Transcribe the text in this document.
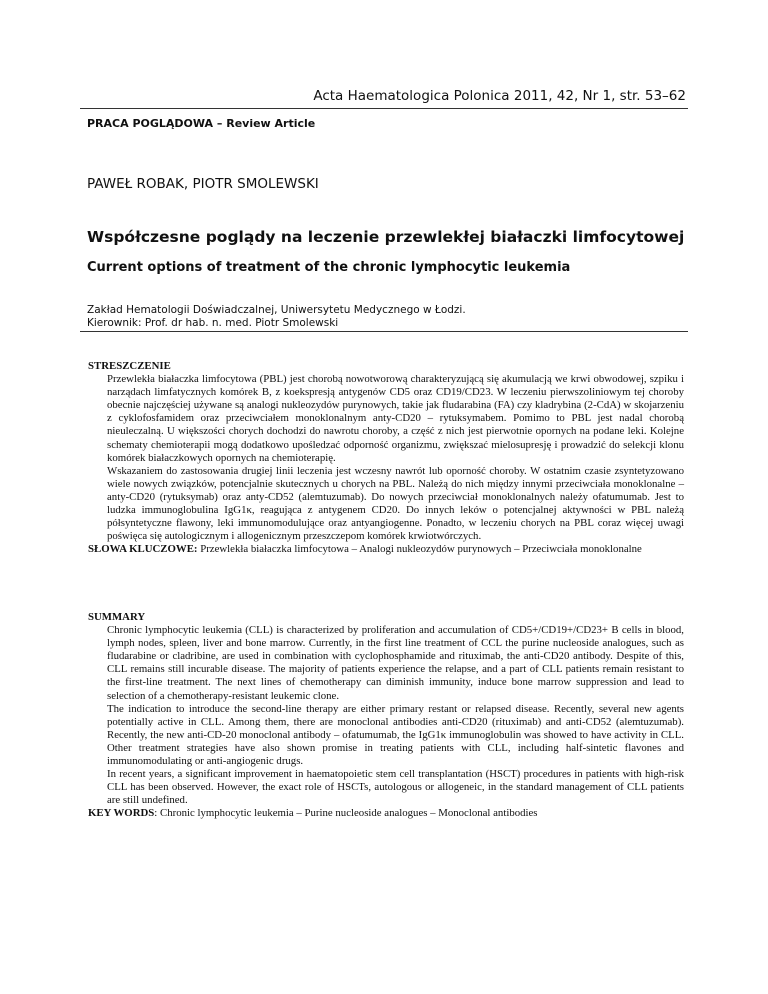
Acta Haematologica Polonica 2011, 42, Nr 1, str. 53–62
PRACA POGLĄDOWA – Review Article
PAWEŁ ROBAK, PIOTR SMOLEWSKI
Współczesne poglądy na leczenie przewlekłej białaczki limfocytowej
Current options of treatment of the chronic lymphocytic leukemia
Zakład Hematologii Doświadczalnej, Uniwersytetu Medycznego w Łodzi.
Kierownik: Prof. dr hab. n. med. Piotr Smolewski
STRESZCZENIE

Przewlekła białaczka limfocytowa (PBL) jest chorobą nowotworową charakteryzującą się akumulacją we krwi obwodowej, szpiku i narządach limfatycznych komórek B, z koekspresją antygenów CD5 oraz CD19/CD23. W leczeniu pierwszoliniowym tej choroby obecnie najczęściej używane są analogi nukleozydów purynowych, takie jak fludarabina (FA) czy kladrybina (2-CdA) w skojarzeniu z cyklofosfamidem oraz przeciwciałem monoklonalnym anty-CD20 – rytuksymabem. Pomimo to PBL jest nadal chorobą nieuleczalną. U większości chorych dochodzi do nawrotu choroby, a część z nich jest pierwotnie opornych na podane leki. Kolejne schematy chemioterapii mogą dodatkowo upośledzać odporność organizmu, zwiększać mielosupresję i prowadzić do selekcji klonu komórek białaczkowych opornych na chemioterapię.

Wskazaniem do zastosowania drugiej linii leczenia jest wczesny nawrót lub oporność choroby. W ostatnim czasie zsyntetyzowano wiele nowych związków, potencjalnie skutecznych u chorych na PBL. Należą do nich między innymi przeciwciała monoklonalne – anty-CD20 (rytuksymab) oraz anty-CD52 (alemtuzumab). Do nowych przeciwciał monoklonalnych należy ofatumumab. Jest to ludzka immunoglobulina IgG1κ, reagująca z antygenem CD20. Do innych leków o potencjalnej aktywności w PBL należą półsyntetyczne flawony, leki immunomodulujące oraz antyangiogenne. Ponadto, w leczeniu chorych na PBL coraz więcej uwagi poświęca się autologicznym i allogenicznym przeszczepom komórek krwiotwórczych.

SŁOWA KLUCZOWE: Przewlekła białaczka limfocytowa – Analogi nukleozydów purynowych – Przeciwciała monoklonalne

SUMMARY

Chronic lymphocytic leukemia (CLL) is characterized by proliferation and accumulation of CD5+/CD19+/CD23+ B cells in blood, lymph nodes, spleen, liver and bone marrow. Currently, in the first line treatment of CCL the purine nucleoside analogues, such as fludarabine or cladribine, are used in combination with cyclophosphamide and rituximab, the anti-CD20 antibody. Despite of this, CLL remains still incurable disease. The majority of patients experience the relapse, and a part of CLL patients remain resistant to the first-line treatment. The next lines of chemotherapy can diminish immunity, induce bone marrow suppression and lead to selection of a chemotherapy-resistant leukemic clone.

The indication to introduce the second-line therapy are either primary restant or relapsed disease. Recently, several new agents potentially active in CLL. Among them, there are monoclonal antibodies anti-CD20 (rituximab) and anti-CD52 (alemtuzumab). Recently, the new anti-CD-20 monoclonal antibody – ofatumumab, the IgG1κ immunoglobulin was showed to have activity in CLL. Other treatment strategies have also shown promise in treating patients with CLL, including half-sintetic flavones and immunomodulating or anti-angiogenic drugs.

In recent years, a significant improvement in haematopoietic stem cell transplantation (HSCT) procedures in patients with high-risk CLL has been observed. However, the exact role of HSCTs, autologous or allogeneic, in the standard management of CLL patients are still undefined.

KEY WORDS: Chronic lymphocytic leukemia – Purine nucleoside analogues – Monoclonal antibodies
